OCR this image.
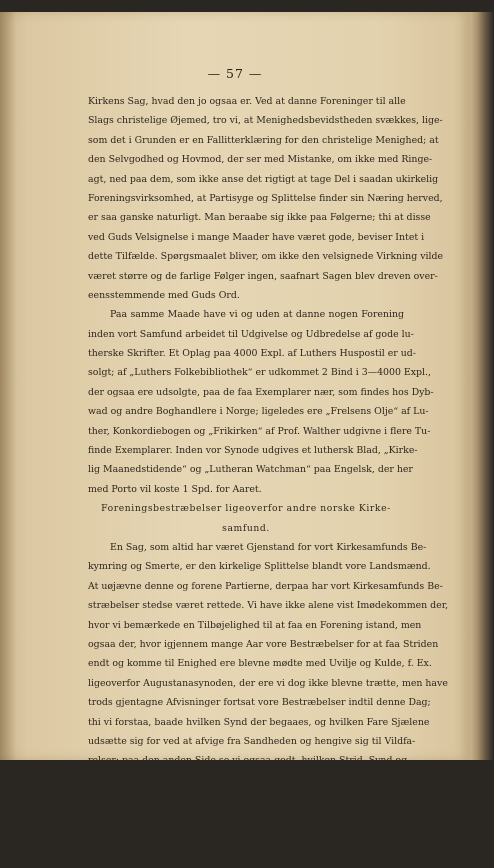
— 57 —
Kirkens Sag, hvad den jo ogsaa er. Ved at danne Foreninger til alle
Slags christelige Øjemed, tro vi, at Menighedsbevidstheden svækkes, lige-
som det i Grunden er en Fallitterklæring for den christelige Menighed; at
den Selvgodhed og Hovmod, der ser med Mistanke, om ikke med Ringe-
agt, ned paa dem, som ikke anse det rigtigt at tage Del i saadan ukirkelig
Foreningsvirksomhed, at Partisyge og Splittelse finder sin Næring herved,
er saa ganske naturligt. Man beraabe sig ikke paa Følgerne; thi at disse
ved Guds Velsignelse i mange Maader have været gode, beviser Intet i
dette Tilfælde. Spørgsmaalet bliver, om ikke den velsignede Virkning vilde
været større og de farlige Følger ingen, saafnart Sagen blev dreven over-
eensstemmende med Guds Ord.
Paa samme Maade have vi og uden at danne nogen Forening
inden vort Samfund arbeidet til Udgivelse og Udbredelse af gode lu-
therske Skrifter. Et Oplag paa 4000 Expl. af Luthers Huspostil er ud-
solgt; af „Luthers Folkebibliothek“ er udkommet 2 Bind i 3—4000 Expl.,
der ogsaa ere udsolgte, paa de faa Exemplarer nær, som findes hos Dyb-
wad og andre Boghandlere i Norge; ligeledes ere „Frelsens Olje“ af Lu-
ther, Konkordiebogen og „Frikirken“ af Prof. Walther udgivne i flere Tu-
finde Exemplarer. Inden vor Synode udgives et luthersk Blad, „Kirke-
lig Maanedstidende“ og „Lutheran Watchman“ paa Engelsk, der her
med Porto vil koste 1 Spd. for Aaret.
Foreningsbestræbelser ligeoverfor andre norske Kirke-
samfund.
En Sag, som altid har været Gjenstand for vort Kirkesamfunds Be-
kymring og Smerte, er den kirkelige Splittelse blandt vore Landsmænd.
At uøjævne denne og forene Partierne, derpaa har vort Kirkesamfunds Be-
stræbelser stedse været rettede. Vi have ikke alene vist Imødekommen der,
hvor vi bemærkede en Tilbøjelighed til at faa en Forening istand, men
ogsaa der, hvor igjennem mange Aar vore Bestræbelser for at faa Striden
endt og komme til Enighed ere blevne mødte med Uvilje og Kulde, f. Ex.
ligeoverfor Augustanasynoden, der ere vi dog ikke blevne trætte, men have
trods gjentagne Afvisninger fortsat vore Bestræbelser indtil denne Dag;
thi vi forstaa, baade hvilken Synd der begaaes, og hvilken Fare Sjælene
udsætte sig for ved at afvige fra Sandheden og hengive sig til Vildfa-
relser; paa den anden Side se vi ogsaa godt, hvilken Strid, Synd og
Skade for begge Parter der kommer af, at saadan Splittelse mellem Lands-
mænd fortsættes gjennem Aarrækker. At det alvorligt ligger os paa Hjerte
at forebygge, at ikke denne Gud mishagelige og syndige Partiaanelighed
vedbliver, og at vi alvorlig ønske ikke at bære Ansvaret for den, det me-
ner jeg, vort Kirkesamfunds Historie vil give os Vidnesbyrd om. Men en
